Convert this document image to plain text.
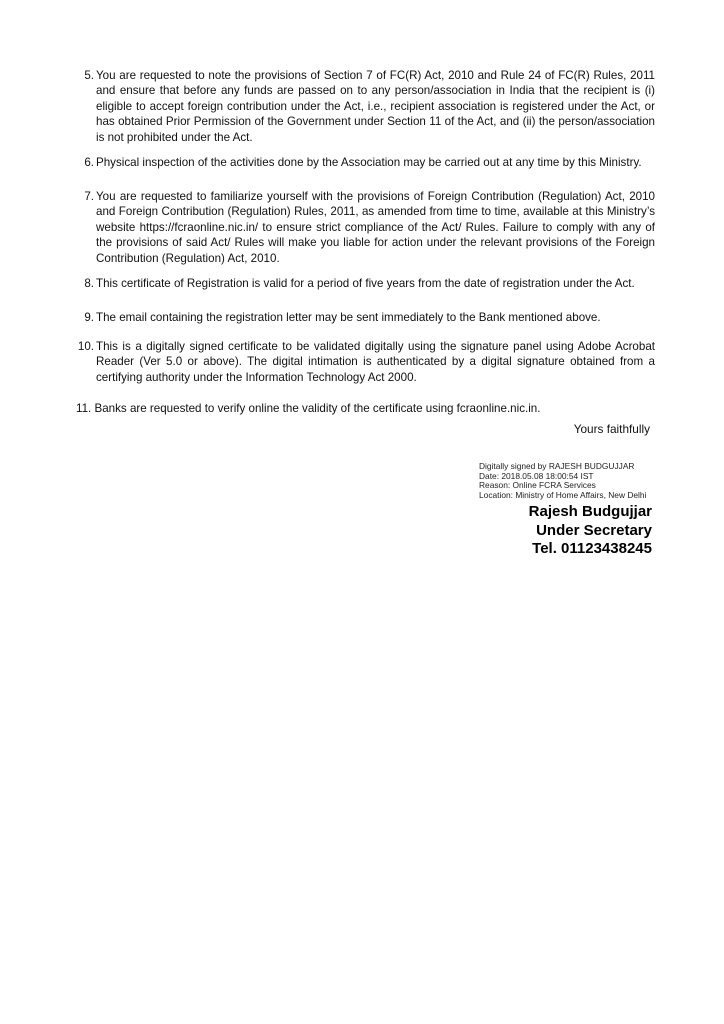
5. You are requested to note the provisions of Section 7 of FC(R) Act, 2010 and Rule 24 of FC(R) Rules, 2011 and ensure that before any funds are passed on to any person/association in India that the recipient is (i) eligible to accept foreign contribution under the Act, i.e., recipient association is registered under the Act, or has obtained Prior Permission of the Government under Section 11 of the Act, and (ii) the person/association is not prohibited under the Act.
6. Physical inspection of the activities done by the Association may be carried out at any time by this Ministry.
7. You are requested to familiarize yourself with the provisions of Foreign Contribution (Regulation) Act, 2010 and Foreign Contribution (Regulation) Rules, 2011, as amended from time to time, available at this Ministry’s website https://fcraonline.nic.in/ to ensure strict compliance of the Act/ Rules. Failure to comply with any of the provisions of said Act/ Rules will make you liable for action under the relevant provisions of the Foreign Contribution (Regulation) Act, 2010.
8. This certificate of Registration is valid for a period of five years from the date of registration under the Act.
9. The email containing the registration letter may be sent immediately to the Bank mentioned above.
10. This is a digitally signed certificate to be validated digitally using the signature panel using Adobe Acrobat Reader (Ver 5.0 or above). The digital intimation is authenticated by a digital signature obtained from a certifying authority under the Information Technology Act 2000.
11. Banks are requested to verify online the validity of the certificate using fcraonline.nic.in.
Yours faithfully
Digitally signed by RAJESH BUDGUJJAR
Date: 2018.05.08 18:00:54 IST
Reason: Online FCRA Services
Location: Ministry of Home Affairs, New Delhi
Rajesh Budgujjar
Under Secretary
Tel. 01123438245
